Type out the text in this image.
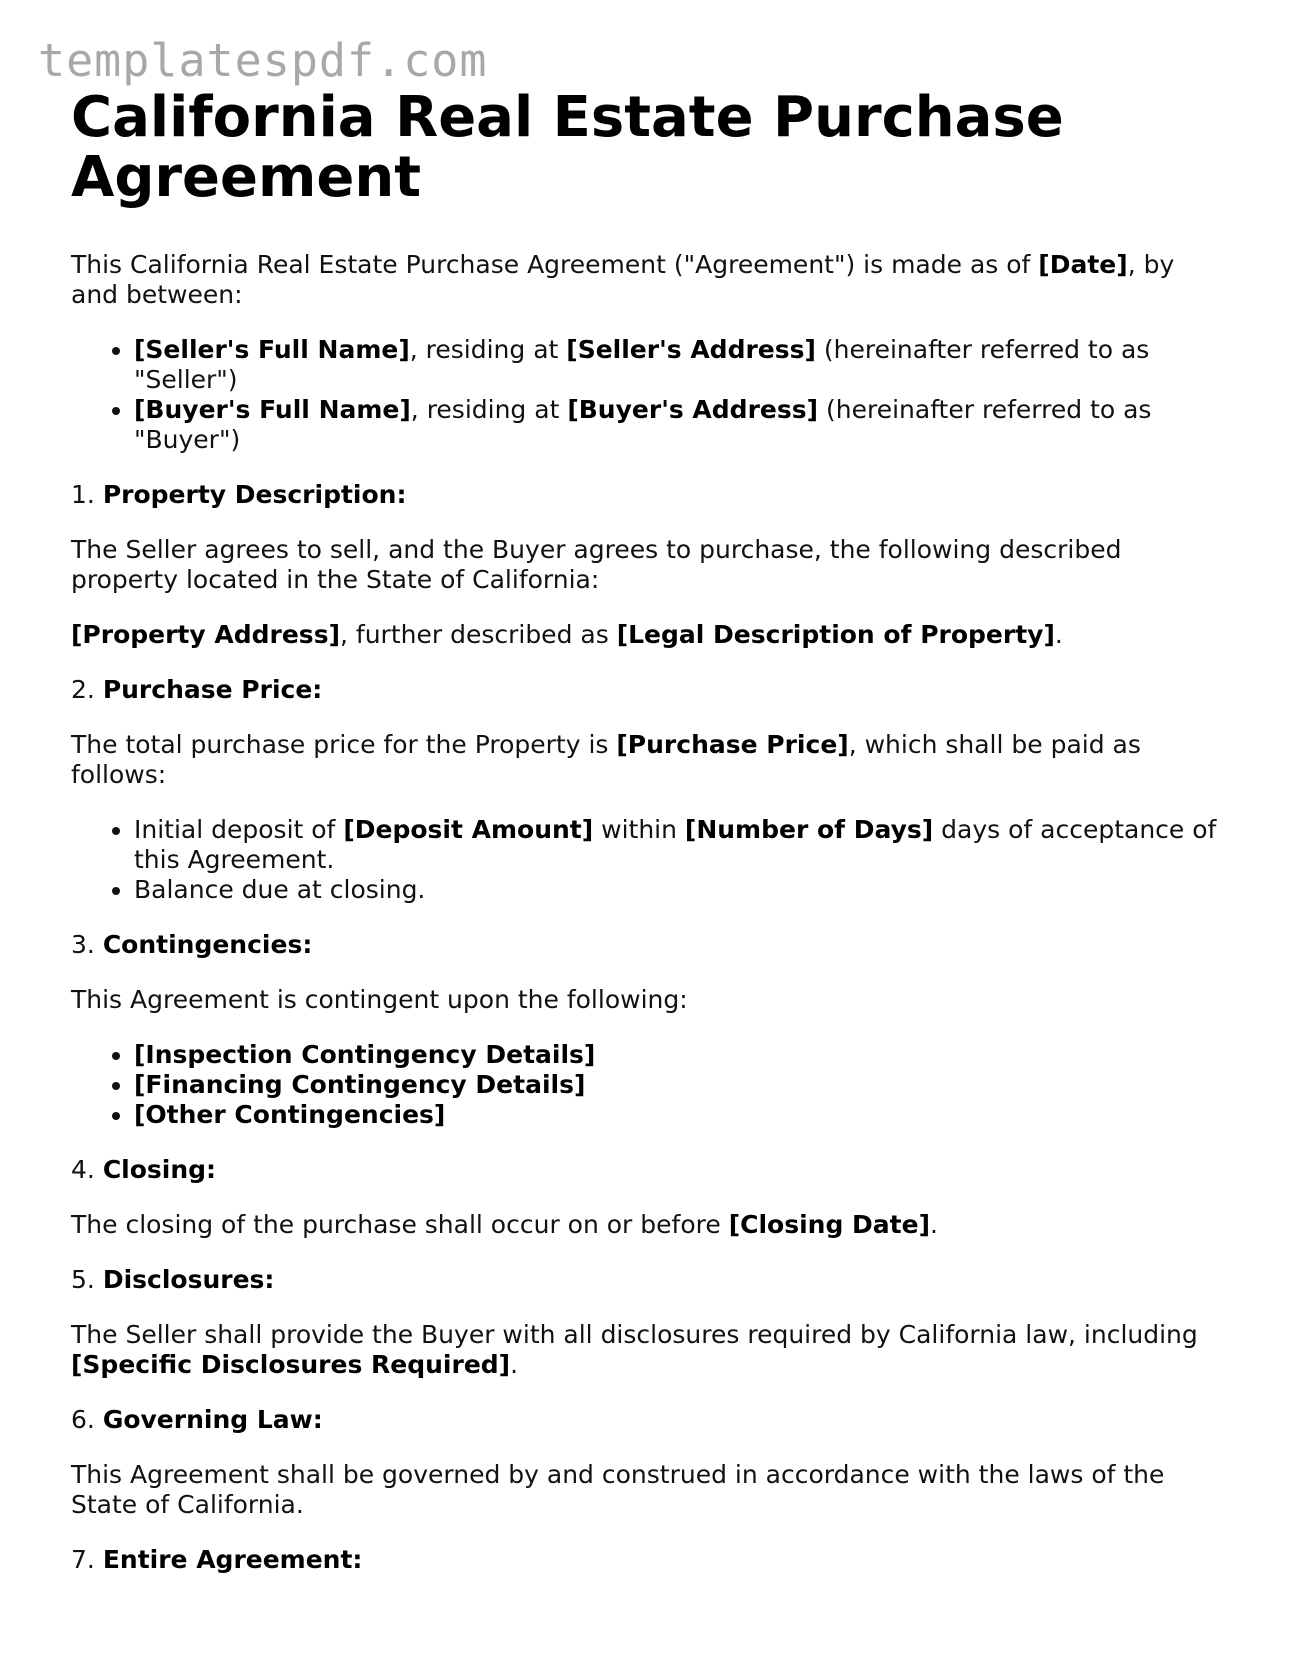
templatespdf.com
California Real Estate Purchase Agreement

This California Real Estate Purchase Agreement ("Agreement") is made as of [Date], by and between:

• [Seller's Full Name], residing at [Seller's Address] (hereinafter referred to as "Seller")
• [Buyer's Full Name], residing at [Buyer's Address] (hereinafter referred to as "Buyer")

1. Property Description:

The Seller agrees to sell, and the Buyer agrees to purchase, the following described property located in the State of California:

[Property Address], further described as [Legal Description of Property].

2. Purchase Price:

The total purchase price for the Property is [Purchase Price], which shall be paid as follows:

• Initial deposit of [Deposit Amount] within [Number of Days] days of acceptance of this Agreement.
• Balance due at closing.

3. Contingencies:

This Agreement is contingent upon the following:

• [Inspection Contingency Details]
• [Financing Contingency Details]
• [Other Contingencies]

4. Closing:

The closing of the purchase shall occur on or before [Closing Date].

5. Disclosures:

The Seller shall provide the Buyer with all disclosures required by California law, including [Specific Disclosures Required].

6. Governing Law:

This Agreement shall be governed by and construed in accordance with the laws of the State of California.

7. Entire Agreement:
